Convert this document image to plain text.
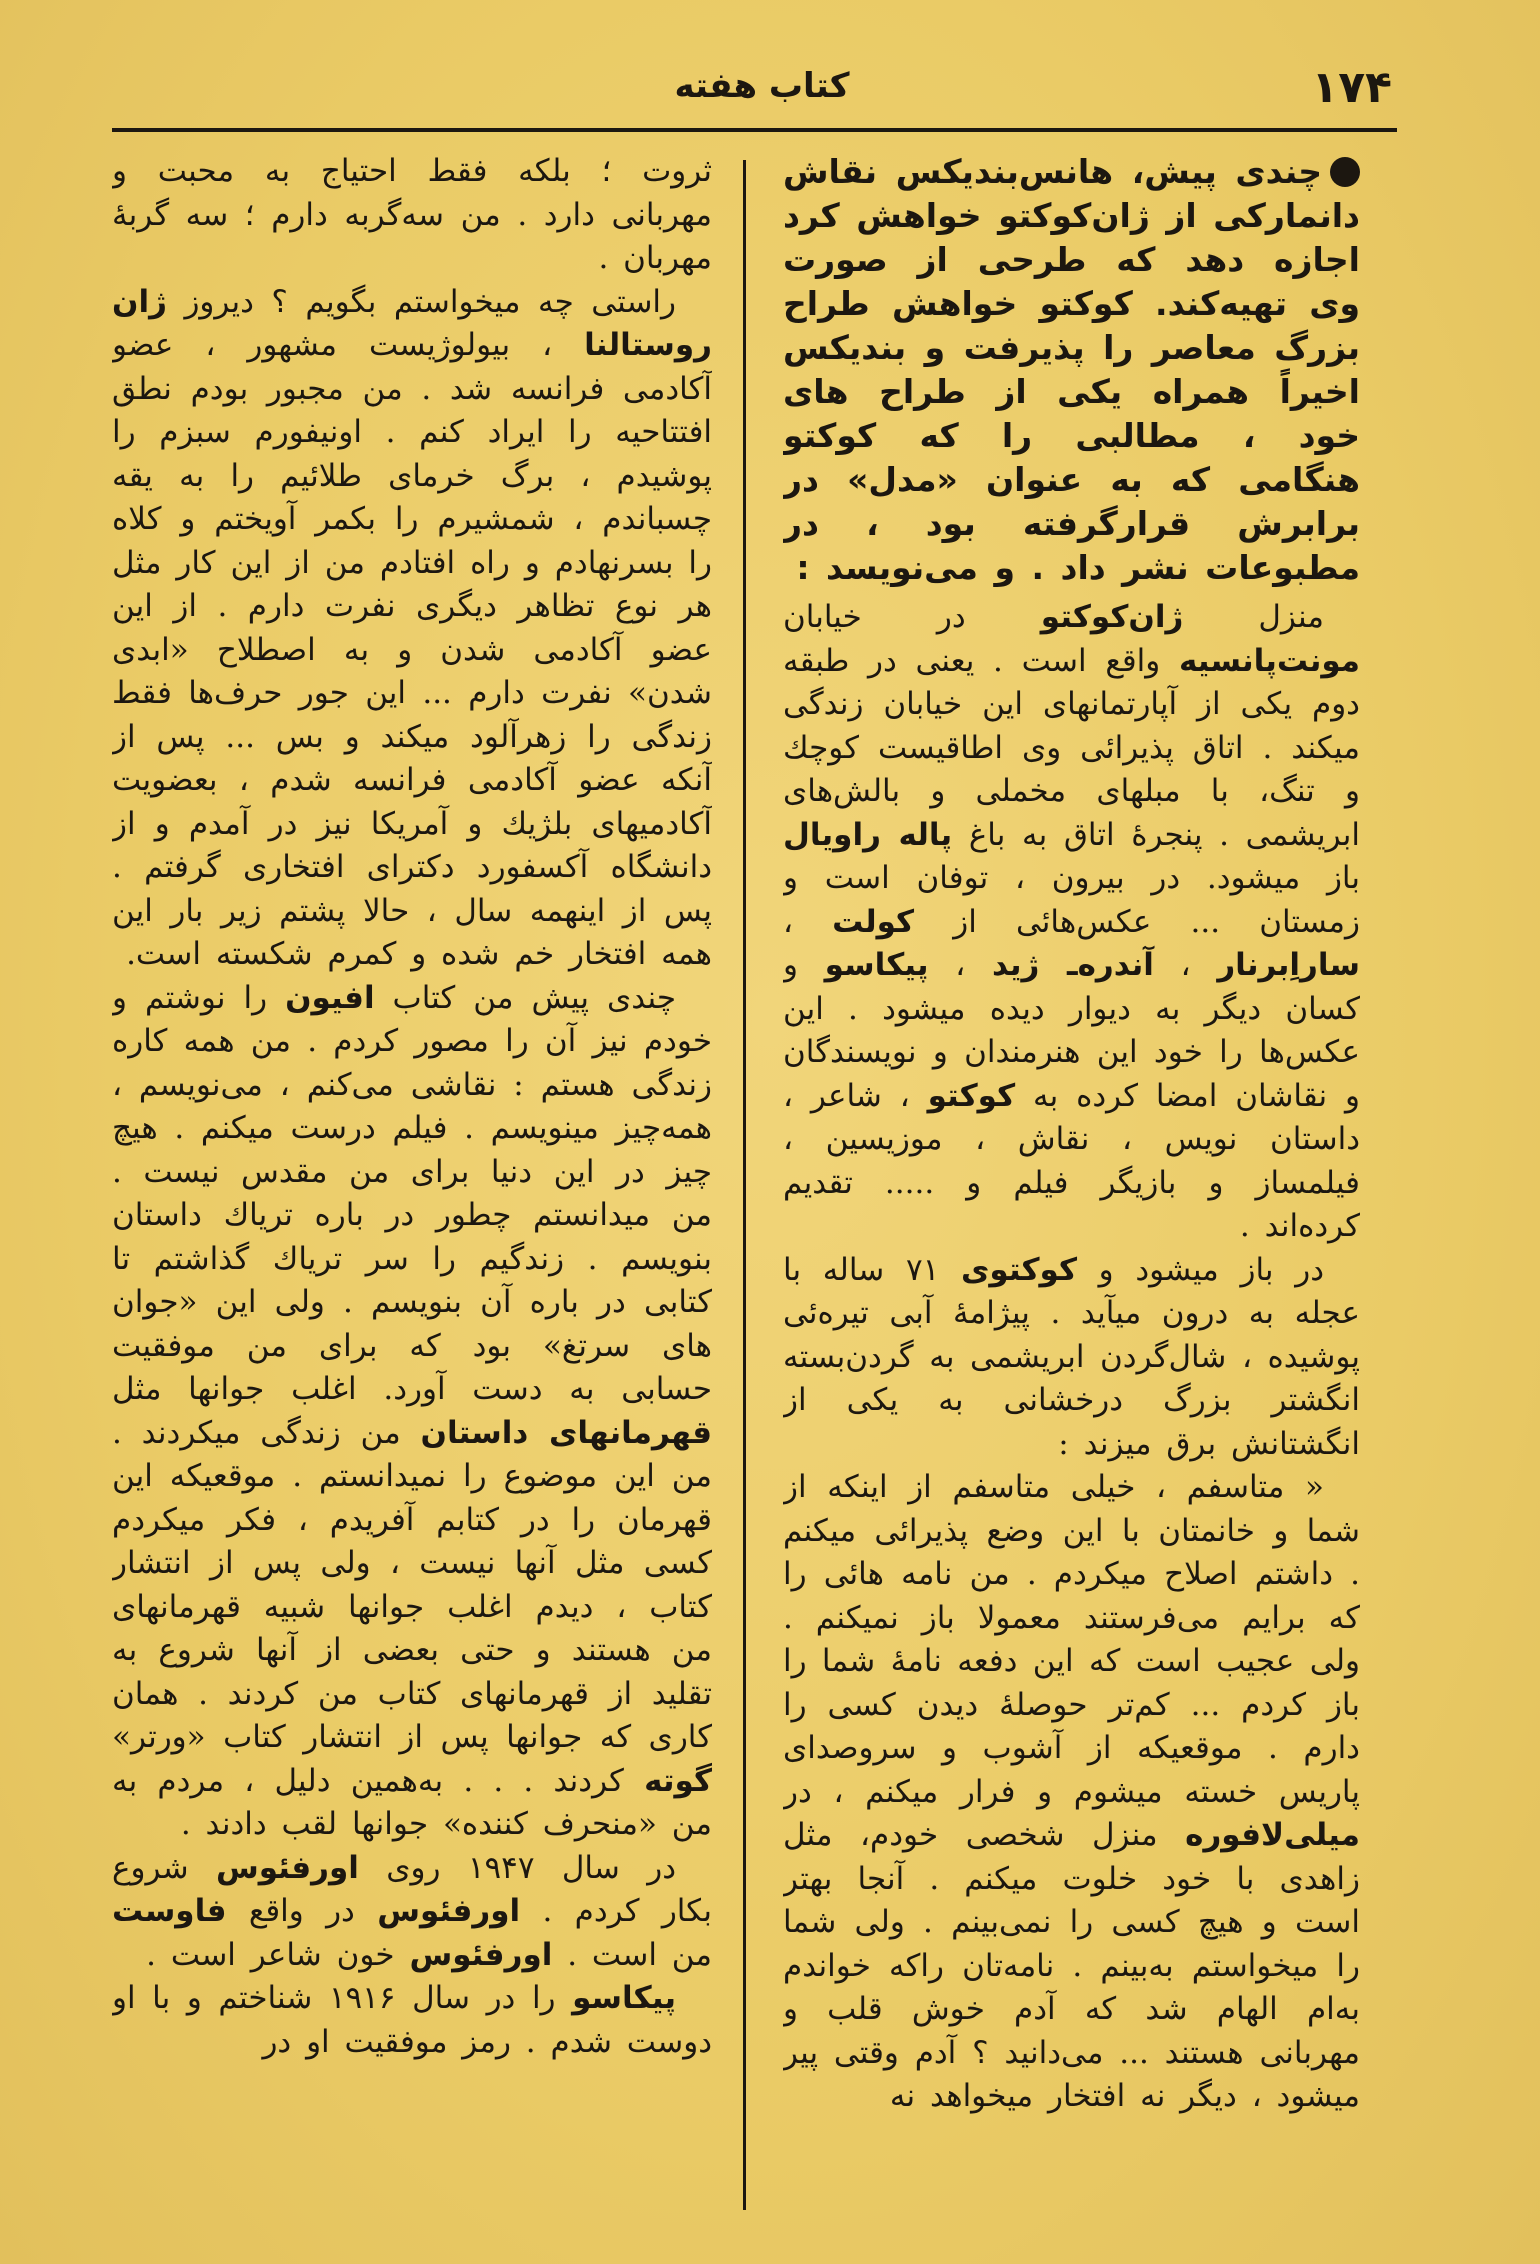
کتاب هفته	۱۷۴

چندی پیش، هانس‌بندیکس نقاش دانمارکی از ژان‌کوکتو خواهش کرد اجازه دهد که طرحی از صورت وی تهیه‌کند. کوکتو خواهش طراح بزرگ معاصر را پذیرفت و بندیکس اخیراً همراه یکی از طراح های خود ، مطالبی را که کوکتو هنگامی که به عنوان «مدل» در برابرش قرارگرفته بود ، در مطبوعات نشر داد . و می‌نویسد :

منزل ژان‌کوکتو در خیابان مونت‌پانسیه واقع است . یعنی در طبقه دوم یکی از آپارتمانهای این خیابان زندگی میکند . اتاق پذیرائی وی اطاقیست کوچك و تنگ، با مبلهای مخملی و بالش‌های ابریشمی . پنجرهٔ اتاق به باغ پاله راویال باز میشود. در بیرون ، توفان است و زمستان ... عکس‌هائی از کولت ، ساراِبرنار ، آندره‌ـ ژید ، پیکاسو و کسان دیگر به دیوار دیده میشود . این عکس‌ها را خود این هنرمندان و نویسندگان و نقاشان امضا کرده به کوکتو ، شاعر ، داستان نویس ، نقاش ، موزیسین ، فیلمساز و بازیگر فیلم و ..... تقدیم کرده‌اند .

در باز میشود و کوکتوی ۷۱ ساله با عجله به درون میآید . پیژامهٔ آبی تیره‌ئی پوشیده ، شال‌گردن ابریشمی به گردن‌بسته انگشتر بزرگ درخشانی به یکی از انگشتانش برق میزند :

« متاسفم ، خیلی متاسفم از اینکه از شما و خانمتان با این وضع پذیرائی میکنم . داشتم اصلاح میکردم . من نامه هائی را که برایم می‌فرستند معمولا باز نمیکنم . ولی عجیب است که این دفعه نامهٔ شما را باز کردم ... کم‌تر حوصلهٔ دیدن کسی را دارم . موقعیکه از آشوب و سروصدای پاریس خسته میشوم و فرار میکنم ، در میلی‌لافوره منزل شخصی خودم، مثل زاهدی با خود خلوت میکنم . آنجا بهتر است و هیچ کسی را نمی‌بینم . ولی شما را میخواستم به‌بینم . نامه‌تان راکه خواندم به‌ام الهام شد که آدم خوش قلب و مهربانی هستند ... می‌دانید ؟ آدم وقتی پیر میشود ، دیگر نه افتخار میخواهد نه

ثروت ؛ بلکه فقط احتیاج به محبت و مهربانی دارد . من سه‌گربه دارم ؛ سه گربهٔ مهربان .

راستی چه میخواستم بگویم ؟ دیروز ژان روستالنا ، بیولوژیست مشهور ، عضو آکادمی فرانسه شد . من مجبور بودم نطق افتتاحیه را ایراد کنم . اونیفورم سبزم را پوشیدم ، برگ خرمای طلائیم را به یقه چسباندم ، شمشیرم را بکمر آویختم و کلاه را بسرنهادم و راه افتادم من از این کار مثل هر نوع تظاهر دیگری نفرت دارم . از این عضو آکادمی شدن و به اصطلاح «ابدی شدن» نفرت دارم ... این جور حرف‌ها فقط زندگی را زهرآلود میکند و بس ... پس از آنکه عضو آکادمی فرانسه شدم ، بعضویت آکادمیهای بلژیك و آمریکا نیز در آمدم و از دانشگاه آکسفورد دکترای افتخاری گرفتم . پس از اینهمه سال ، حالا پشتم زیر بار این همه افتخار خم شده و کمرم شکسته است.

چندی پیش من کتاب افیون را نوشتم و خودم نیز آن را مصور کردم . من همه کاره زندگی هستم : نقاشی می‌کنم ، می‌نویسم ، همه‌چیز مینویسم . فیلم درست میکنم . هیچ چیز در این دنیا برای من مقدس نیست . من میدانستم چطور در باره تریاك داستان بنویسم . زندگیم را سر تریاك گذاشتم تا کتابی در باره آن بنویسم . ولی این «جوان های سرتغ» بود که برای من موفقیت حسابی به دست آورد. اغلب جوانها مثل قهرمانهای داستان من زندگی میکردند . من این موضوع را نمیدانستم . موقعیکه این قهرمان را در کتابم آفریدم ، فکر میکردم کسی مثل آنها نیست ، ولی پس از انتشار کتاب ، دیدم اغلب جوانها شبیه قهرمانهای من هستند و حتی بعضی از آنها شروع به تقلید از قهرمانهای کتاب من کردند . همان کاری که جوانها پس از انتشار کتاب «ورتر» گوته کردند . . . به‌همین دلیل ، مردم به من «منحرف کننده» جوانها لقب دادند .

در سال ۱۹۴۷ روی اورفئوس شروع بکار کردم . اورفئوس در واقع فاوست من است . اورفئوس خون شاعر است .

پیکاسو را در سال ۱۹۱۶ شناختم و با او دوست شدم . رمز موفقیت او در
